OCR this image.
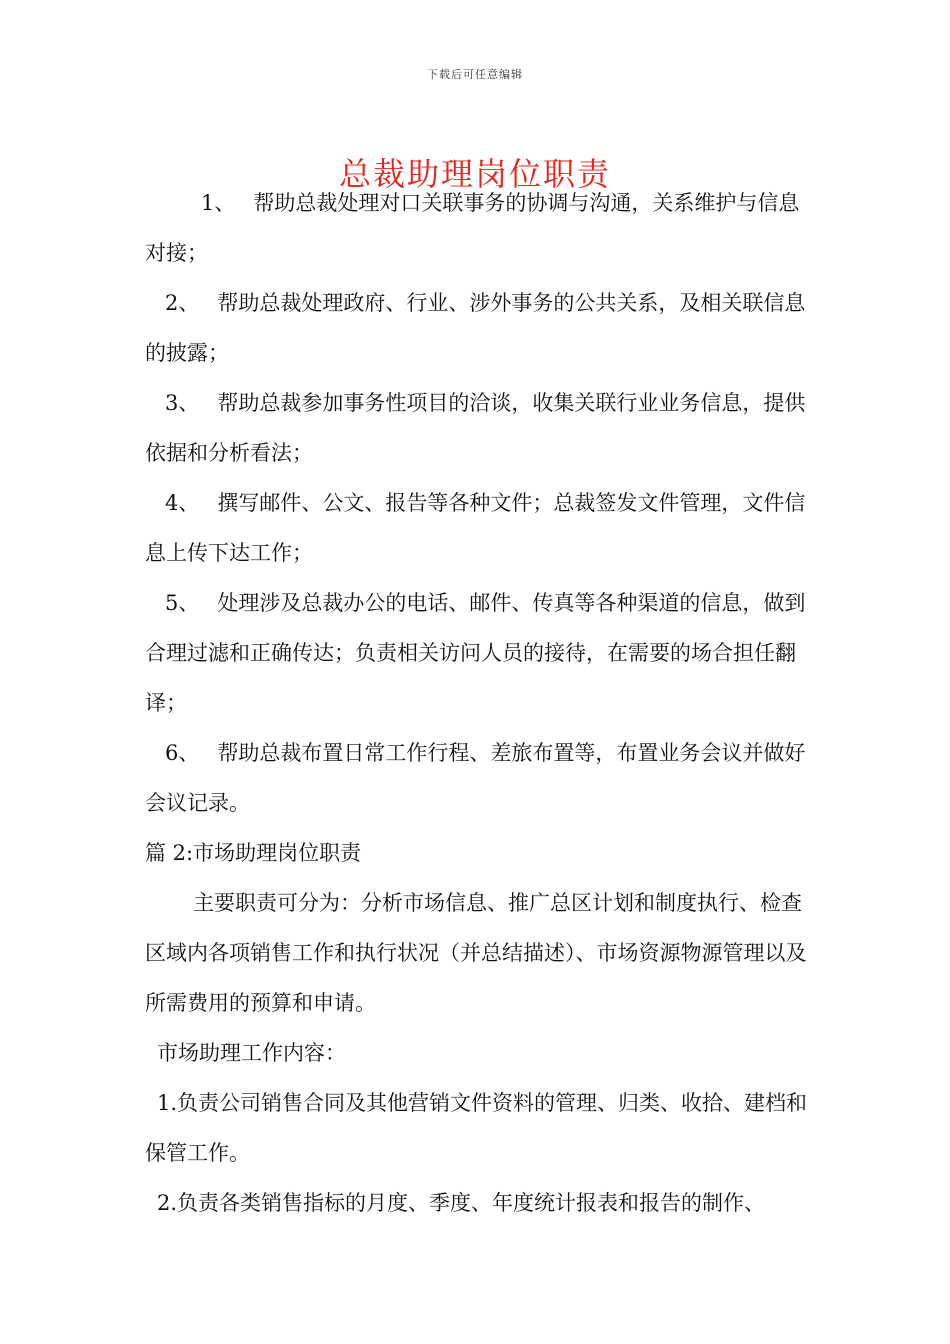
下载后可任意编辑
总裁助理岗位职责

1、 帮助总裁处理对口关联事务的协调与沟通，关系维护与信息对接；

2、 帮助总裁处理政府、行业、涉外事务的公共关系，及相关联信息的披露；

3、 帮助总裁参加事务性项目的洽谈，收集关联行业业务信息，提供依据和分析看法；

4、 撰写邮件、公文、报告等各种文件；总裁签发文件管理，文件信息上传下达工作；

5、 处理涉及总裁办公的电话、邮件、传真等各种渠道的信息，做到合理过滤和正确传达；负责相关访问人员的接待，在需要的场合担任翻译；

6、 帮助总裁布置日常工作行程、差旅布置等，布置业务会议并做好会议记录。

篇 2:市场助理岗位职责

主要职责可分为：分析市场信息、推广总区计划和制度执行、检查区域内各项销售工作和执行状况（并总结描述）、市场资源物源管理以及所需费用的预算和申请。

市场助理工作内容：

1.负责公司销售合同及其他营销文件资料的管理、归类、收拾、建档和保管工作。

2.负责各类销售指标的月度、季度、年度统计报表和报告的制作、
